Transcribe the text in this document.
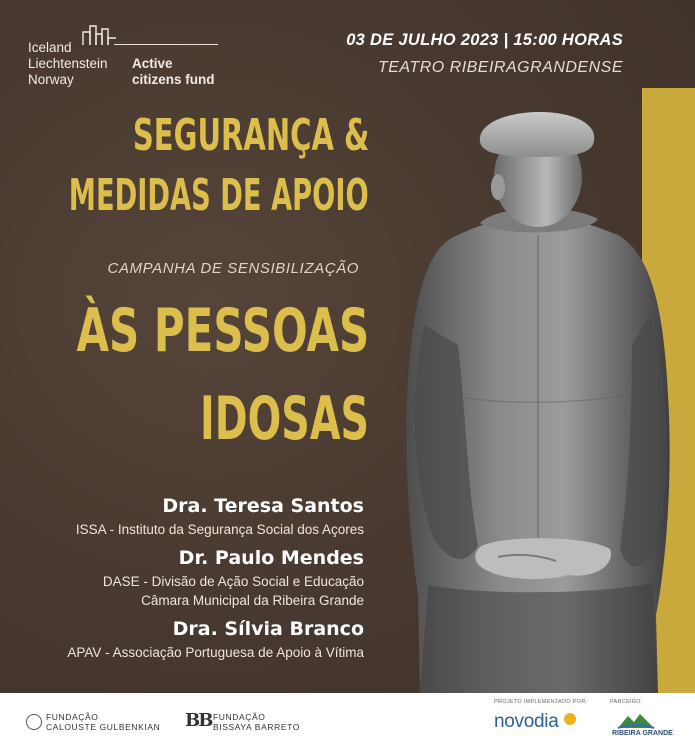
Iceland
Liechtenstein
Norway
Active
citizens fund
03 DE JULHO 2023 | 15:00 HORAS
TEATRO RIBEIRAGRANDENSE
SEGURANÇA &
MEDIDAS DE APOIO
CAMPANHA DE SENSIBILIZAÇÃO
ÀS PESSOAS
IDOSAS
Dra. Teresa Santos
ISSA - Instituto da Segurança Social dos Açores
Dr. Paulo Mendes
DASE - Divisão de Ação Social e Educação
Câmara Municipal da Ribeira Grande
Dra. Sílvia Branco
APAV - Associação Portuguesa de Apoio à Vítima
FUNDAÇÃO
CALOUSTE GULBENKIAN BB FUNDAÇÃO
BISSAYA BARRETO
PROJETO IMPLEMENTADO POR:
novodia
PARCEIRO:
RIBEIRA GRANDE
